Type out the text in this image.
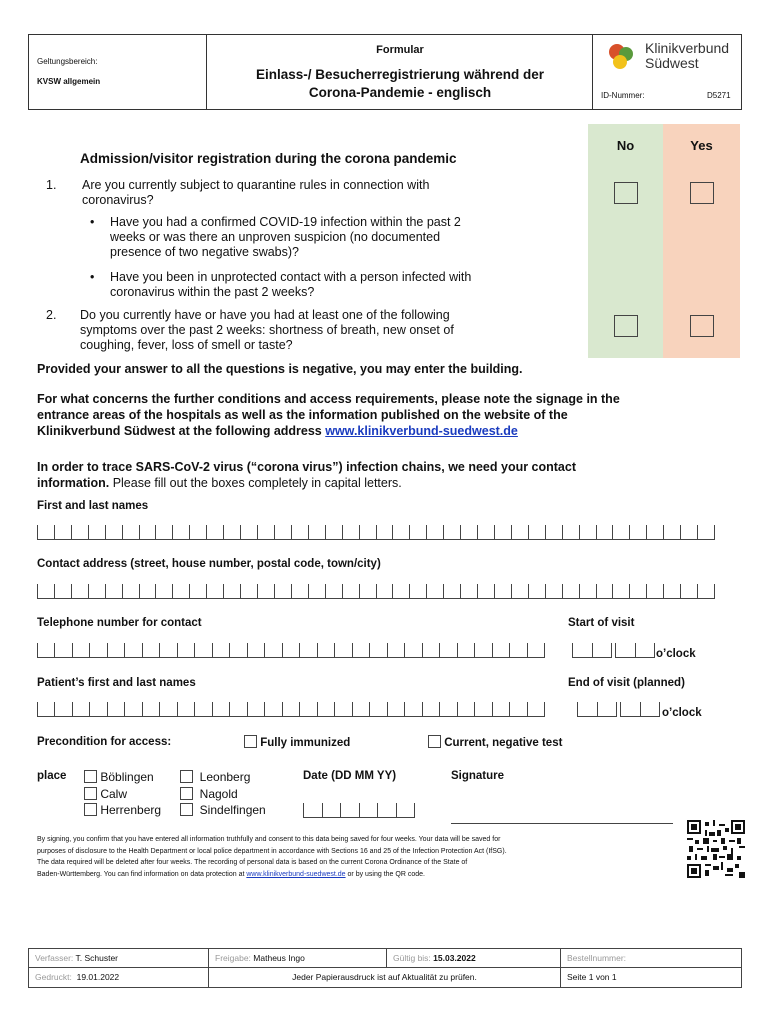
Geltungsbereich:
KVSW allgemein
Formular
Einlass-/ Besucherregistrierung während der
Corona-Pandemie - englisch
Klinikverbund
Südwest
ID-Nummer:	D5271
No	Yes
Admission/visitor registration during the corona pandemic
1. Are you currently subject to quarantine rules in connection with
coronavirus?
• Have you had a confirmed COVID-19 infection within the past 2
weeks or was there an unproven suspicion (no documented
presence of two negative swabs)?
• Have you been in unprotected contact with a person infected with
coronavirus within the past 2 weeks?
2. Do you currently have or have you had at least one of the following
symptoms over the past 2 weeks: shortness of breath, new onset of
coughing, fever, loss of smell or taste?
Provided your answer to all the questions is negative, you may enter the building.
For what concerns the further conditions and access requirements, please note the signage in the
entrance areas of the hospitals as well as the information published on the website of the
Klinikverbund Südwest at the following address www.klinikverbund-suedwest.de
In order to trace SARS-CoV-2 virus (“corona virus”) infection chains, we need your contact
information. Please fill out the boxes completely in capital letters.
First and last names
Contact address (street, house number, postal code, town/city)
Telephone number for contact	Start of visit
o’clock
Patient’s first and last names	End of visit (planned)
o’clock
Precondition for access:	Fully immunized	Current, negative test
place	Böblingen
Calw
Herrenberg
Leonberg
Nagold
Sindelfingen
Date (DD MM YY)	Signature
By signing, you confirm that you have entered all information truthfully and consent to this data being saved for four weeks. Your data will be saved for
purposes of disclosure to the Health Department or local police department in accordance with Sections 16 and 25 of the Infection Protection Act (IfSG).
The data required will be deleted after four weeks. The recording of personal data is based on the current Corona Ordinance of the State of
Baden-Württemberg. You can find information on data protection at www.klinikverbund-suedwest.de or by using the QR code.
Verfasser: T. Schuster	Freigabe: Matheus Ingo	Gültig bis: 15.03.2022	Bestellnummer:
Gedruckt: 19.01.2022	Jeder Papierausdruck ist auf Aktualität zu prüfen.	Seite 1 von 1
